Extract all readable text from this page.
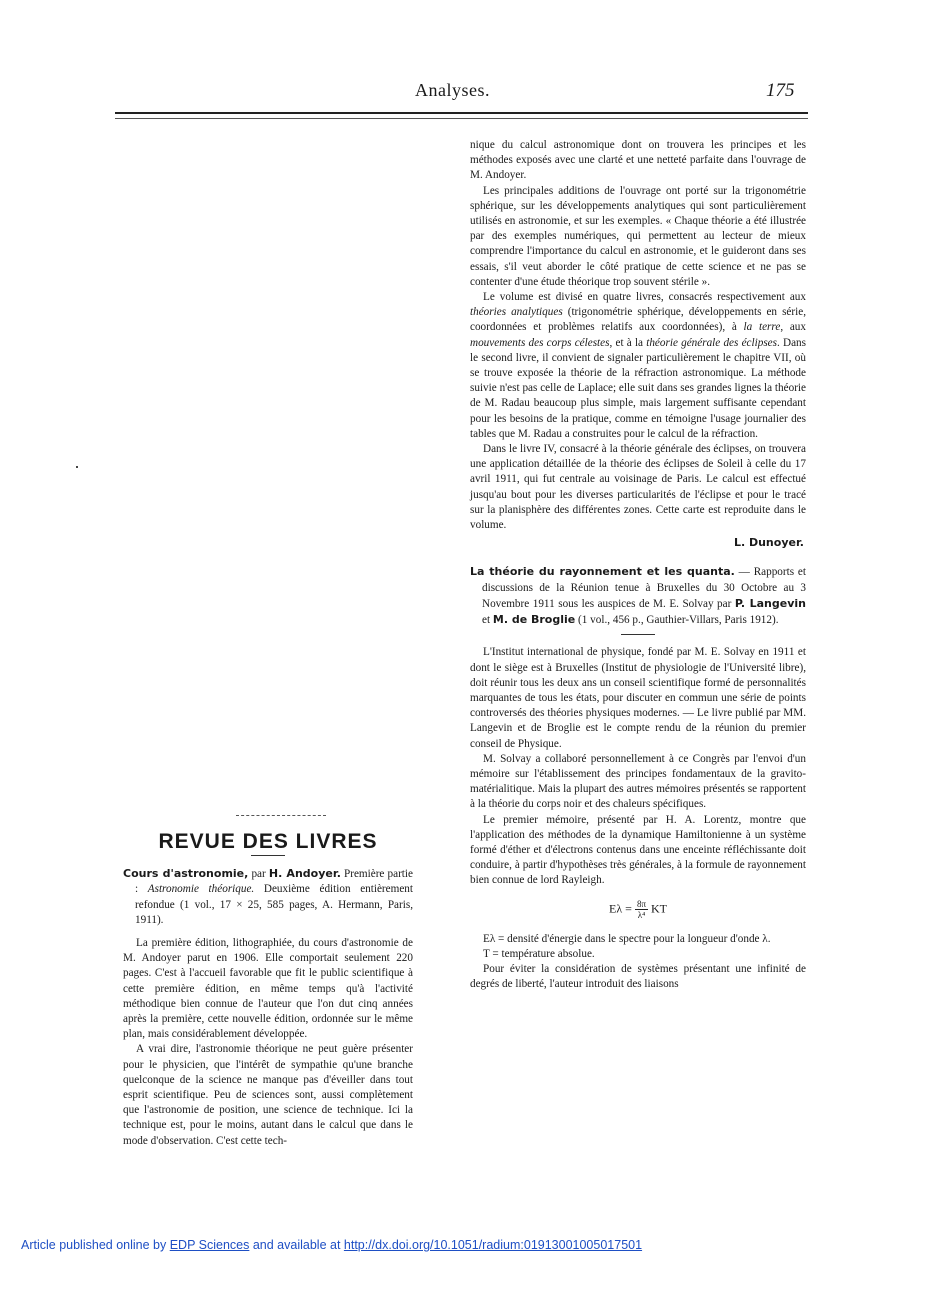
Analyses.	175

nique du calcul astronomique dont on trouvera les principes et les méthodes exposés avec une clarté et une netteté parfaite dans l'ouvrage de M. Andoyer.

Les principales additions de l'ouvrage ont porté sur la trigonométrie sphérique, sur les développements analytiques qui sont particulièrement utilisés en astronomie, et sur les exemples. « Chaque théorie a été illustrée par des exemples numériques, qui permettent au lecteur de mieux comprendre l'importance du calcul en astronomie, et le guideront dans ses essais, s'il veut aborder le côté pratique de cette science et ne pas se contenter d'une étude théorique trop souvent stérile ».

Le volume est divisé en quatre livres, consacrés respectivement aux théories analytiques (trigonométrie sphérique, développements en série, coordonnées et problèmes relatifs aux coordonnées), à la terre, aux mouvements des corps célestes, et à la théorie générale des éclipses. Dans le second livre, il convient de signaler particulièrement le chapitre VII, où se trouve exposée la théorie de la réfraction astronomique. La méthode suivie n'est pas celle de Laplace; elle suit dans ses grandes lignes la théorie de M. Radau beaucoup plus simple, mais largement suffisante cependant pour les besoins de la pratique, comme en témoigne l'usage journalier des tables que M. Radau a construites pour le calcul de la réfraction.

Dans le livre IV, consacré à la théorie générale des éclipses, on trouvera une application détaillée de la théorie des éclipses de Soleil à celle du 17 avril 1911, qui fut centrale au voisinage de Paris. Le calcul est effectué jusqu'au bout pour les diverses particularités de l'éclipse et pour le tracé sur la planisphère des différentes zones. Cette carte est reproduite dans le volume.

L. Dunoyer.

La théorie du rayonnement et les quanta. — Rapports et discussions de la Réunion tenue à Bruxelles du 30 Octobre au 3 Novembre 1911 sous les auspices de M. E. Solvay par P. Langevin et M. de Broglie (1 vol., 456 p., Gauthier-Villars, Paris 1912).

L'Institut international de physique, fondé par M. E. Solvay en 1911 et dont le siège est à Bruxelles (Institut de physiologie de l'Université libre), doit réunir tous les deux ans un conseil scientifique formé de personnalités marquantes de tous les états, pour discuter en commun une série de points controversés des théories physiques modernes. — Le livre publié par MM. Langevin et de Broglie est le compte rendu de la réunion du premier conseil de Physique.

M. Solvay a collaboré personnellement à ce Congrès par l'envoi d'un mémoire sur l'établissement des principes fondamentaux de la gravito-matérialitique. Mais la plupart des autres mémoires présentés se rapportent à la théorie du corps noir et des chaleurs spécifiques.

Le premier mémoire, présenté par H. A. Lorentz, montre que l'application des méthodes de la dynamique Hamiltonienne à un système formé d'éther et d'électrons contenus dans une enceinte réfléchissante doit conduire, à partir d'hypothèses très générales, à la formule de rayonnement bien connue de lord Rayleigh.

$E\lambda = \frac{8\pi}{\text{λ⁴}}$ KT

Eλ = densité d'énergie dans le spectre pour la longueur d'onde λ.

T = température absolue.

Pour éviter la considération de systèmes présentant une infinité de degrés de liberté, l'auteur introduit des liaisons

REVUE DES LIVRES

Cours d'astronomie, par H. Andoyer. Première partie : Astronomie théorique. Deuxième édition entièrement refondue (1 vol., 17 × 25, 585 pages, A. Hermann, Paris, 1911).

La première édition, lithographiée, du cours d'astronomie de M. Andoyer parut en 1906. Elle comportait seulement 220 pages. C'est à l'accueil favorable que fit le public scientifique à cette première édition, en même temps qu'à l'activité méthodique bien connue de l'auteur que l'on dut cinq années après la première, cette nouvelle édition, ordonnée sur le même plan, mais considérablement développée.

A vrai dire, l'astronomie théorique ne peut guère présenter pour le physicien, que l'intérêt de sympathie qu'une branche quelconque de la science ne manque pas d'éveiller dans tout esprit scientifique. Peu de sciences sont, aussi complètement que l'astronomie de position, une science de technique. Ici la technique est, pour le moins, autant dans le calcul que dans le mode d'observation. C'est cette tech-

Article published online by EDP Sciences and available at http://dx.doi.org/10.1051/radium:01913001005017501
